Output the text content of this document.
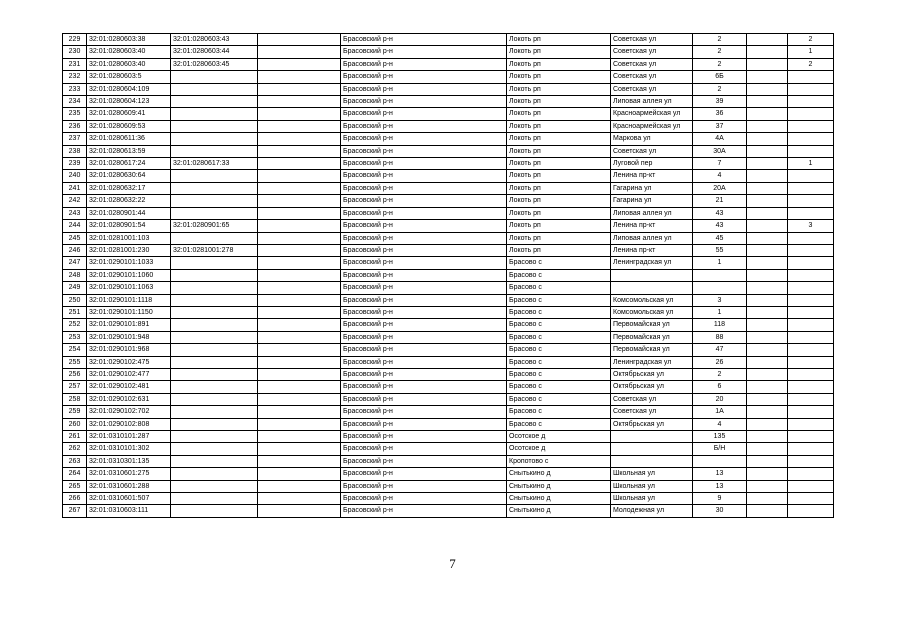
229	32:01:0280603:38	32:01:0280603:43		Брасовский р-н	Локоть рп	Советская ул	2		2
230	32:01:0280603:40	32:01:0280603:44		Брасовский р-н	Локоть рп	Советская ул	2		1
231	32:01:0280603:40	32:01:0280603:45		Брасовский р-н	Локоть рп	Советская ул	2		2
232	32:01:0280603:5			Брасовский р-н	Локоть рп	Советская ул	6Б		
233	32:01:0280604:109			Брасовский р-н	Локоть рп	Советская ул	2		
234	32:01:0280604:123			Брасовский р-н	Локоть рп	Липовая аллея ул	39		
235	32:01:0280609:41			Брасовский р-н	Локоть рп	Красноармейская ул	36		
236	32:01:0280609:53			Брасовский р-н	Локоть рп	Красноармейская ул	37		
237	32:01:0280611:36			Брасовский р-н	Локоть рп	Маркова ул	4А		
238	32:01:0280613:59			Брасовский р-н	Локоть рп	Советская ул	30А		
239	32:01:0280617:24	32:01:0280617:33		Брасовский р-н	Локоть рп	Луговой пер	7		1
240	32:01:0280630:64			Брасовский р-н	Локоть рп	Ленина пр-кт	4		
241	32:01:0280632:17			Брасовский р-н	Локоть рп	Гагарина ул	20А		
242	32:01:0280632:22			Брасовский р-н	Локоть рп	Гагарина ул	21		
243	32:01:0280901:44			Брасовский р-н	Локоть рп	Липовая аллея ул	43		
244	32:01:0280901:54	32:01:0280901:65		Брасовский р-н	Локоть рп	Ленина пр-кт	43		3
245	32:01:0281001:103			Брасовский р-н	Локоть рп	Липовая аллея ул	45		
246	32:01:0281001:230	32:01:0281001:278		Брасовский р-н	Локоть рп	Ленина пр-кт	55		
247	32:01:0290101:1033			Брасовский р-н	Брасово с	Ленинградская ул	1		
248	32:01:0290101:1060			Брасовский р-н	Брасово с				
249	32:01:0290101:1063			Брасовский р-н	Брасово с				
250	32:01:0290101:1118			Брасовский р-н	Брасово с	Комсомольская ул	3		
251	32:01:0290101:1150			Брасовский р-н	Брасово с	Комсомольская ул	1		
252	32:01:0290101:891			Брасовский р-н	Брасово с	Первомайская ул	118		
253	32:01:0290101:948			Брасовский р-н	Брасово с	Первомайская ул	88		
254	32:01:0290101:968			Брасовский р-н	Брасово с	Первомайская ул	47		
255	32:01:0290102:475			Брасовский р-н	Брасово с	Ленинградская ул	26		
256	32:01:0290102:477			Брасовский р-н	Брасово с	Октябрьская ул	2		
257	32:01:0290102:481			Брасовский р-н	Брасово с	Октябрьская ул	6		
258	32:01:0290102:631			Брасовский р-н	Брасово с	Советская ул	20		
259	32:01:0290102:702			Брасовский р-н	Брасово с	Советская ул	1А		
260	32:01:0290102:808			Брасовский р-н	Брасово с	Октябрьская ул	4		
261	32:01:0310101:287			Брасовский р-н	Осотское д		135		
262	32:01:0310101:302			Брасовский р-н	Осотское д		Б/Н		
263	32:01:0310301:135			Брасовский р-н	Кропотово с				
264	32:01:0310601:275			Брасовский р-н	Снытькино д	Школьная ул	13		
265	32:01:0310601:288			Брасовский р-н	Снытькино д	Школьная ул	13		
266	32:01:0310601:507			Брасовский р-н	Снытькино д	Школьная ул	9		
267	32:01:0310603:111			Брасовский р-н	Снытькино д	Молодежная ул	30		
7
